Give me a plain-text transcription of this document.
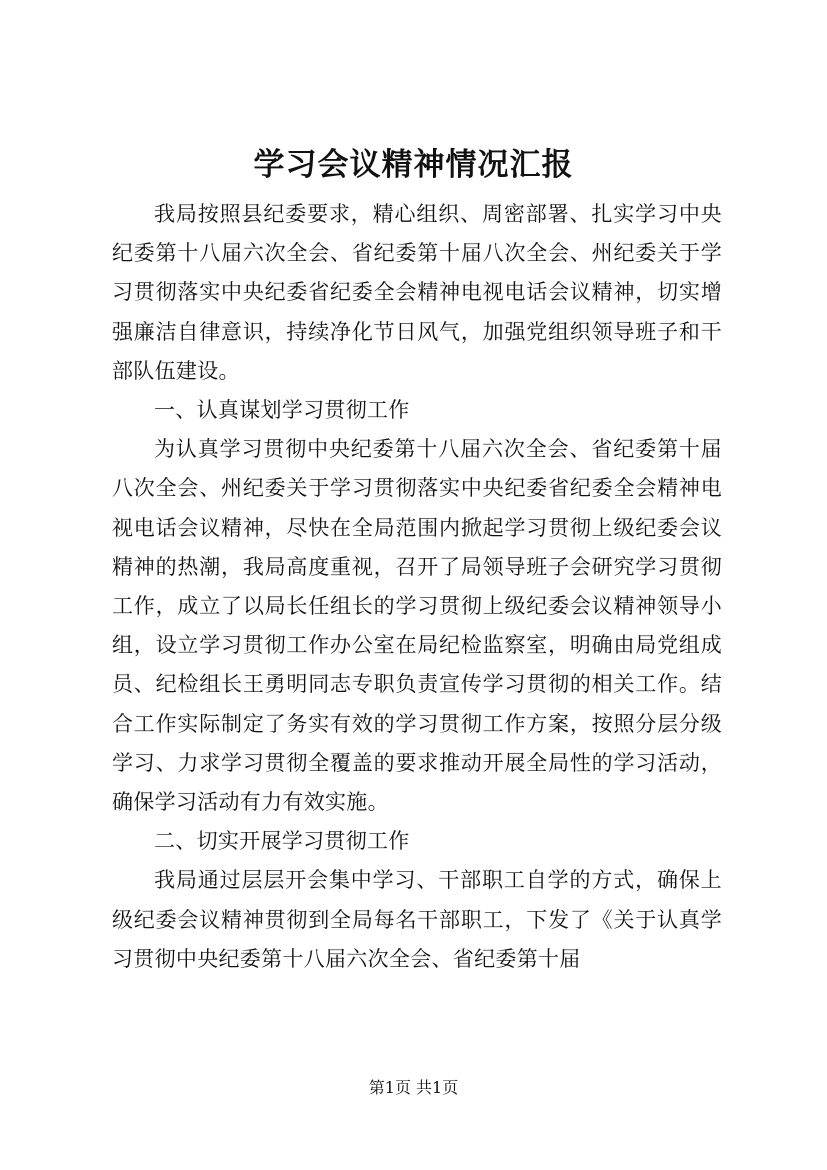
学习会议精神情况汇报

我局按照县纪委要求，精心组织、周密部署、扎实学习中央纪委第十八届六次全会、省纪委第十届八次全会、州纪委关于学习贯彻落实中央纪委省纪委全会精神电视电话会议精神，切实增强廉洁自律意识，持续净化节日风气，加强党组织领导班子和干部队伍建设。

一、认真谋划学习贯彻工作

为认真学习贯彻中央纪委第十八届六次全会、省纪委第十届八次全会、州纪委关于学习贯彻落实中央纪委省纪委全会精神电视电话会议精神，尽快在全局范围内掀起学习贯彻上级纪委会议精神的热潮，我局高度重视，召开了局领导班子会研究学习贯彻工作，成立了以局长任组长的学习贯彻上级纪委会议精神领导小组，设立学习贯彻工作办公室在局纪检监察室，明确由局党组成员、纪检组长王勇明同志专职负责宣传学习贯彻的相关工作。结合工作实际制定了务实有效的学习贯彻工作方案，按照分层分级学习、力求学习贯彻全覆盖的要求推动开展全局性的学习活动，确保学习活动有力有效实施。

二、切实开展学习贯彻工作

我局通过层层开会集中学习、干部职工自学的方式，确保上级纪委会议精神贯彻到全局每名干部职工，下发了《关于认真学习贯彻中央纪委第十八届六次全会、省纪委第十届

第1页 共1页
